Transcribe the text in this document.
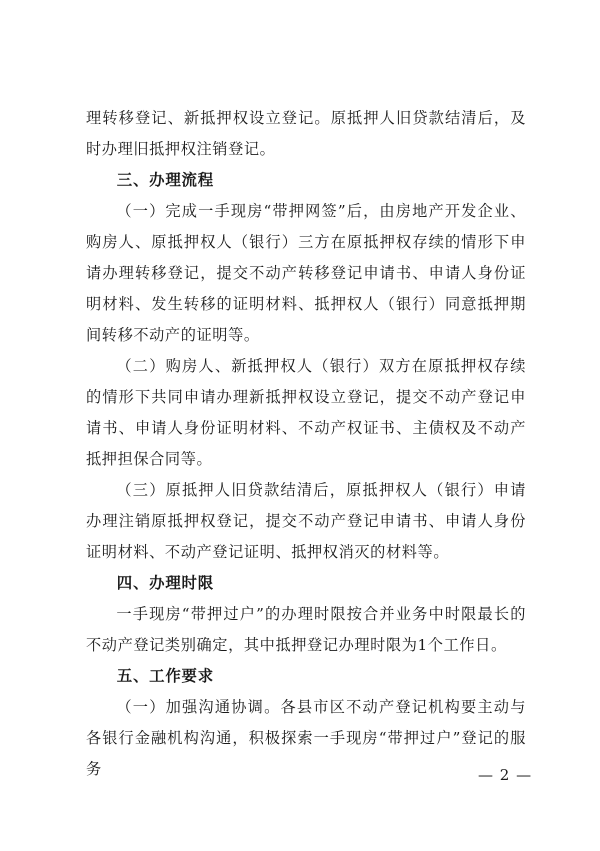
理转移登记、新抵押权设立登记。原抵押人旧贷款结清后，及时办理旧抵押权注销登记。

三、办理流程

（一）完成一手现房“带押网签”后，由房地产开发企业、购房人、原抵押权人（银行）三方在原抵押权存续的情形下申请办理转移登记，提交不动产转移登记申请书、申请人身份证明材料、发生转移的证明材料、抵押权人（银行）同意抵押期间转移不动产的证明等。

（二）购房人、新抵押权人（银行）双方在原抵押权存续的情形下共同申请办理新抵押权设立登记，提交不动产登记申请书、申请人身份证明材料、不动产权证书、主债权及不动产抵押担保合同等。

（三）原抵押人旧贷款结清后，原抵押权人（银行）申请办理注销原抵押权登记，提交不动产登记申请书、申请人身份证明材料、不动产登记证明、抵押权消灭的材料等。

四、办理时限

一手现房“带押过户”的办理时限按合并业务中时限最长的不动产登记类别确定，其中抵押登记办理时限为1个工作日。

五、工作要求

（一）加强沟通协调。各县市区不动产登记机构要主动与各银行金融机构沟通，积极探索一手现房“带押过户”登记的服务	— 2 —
